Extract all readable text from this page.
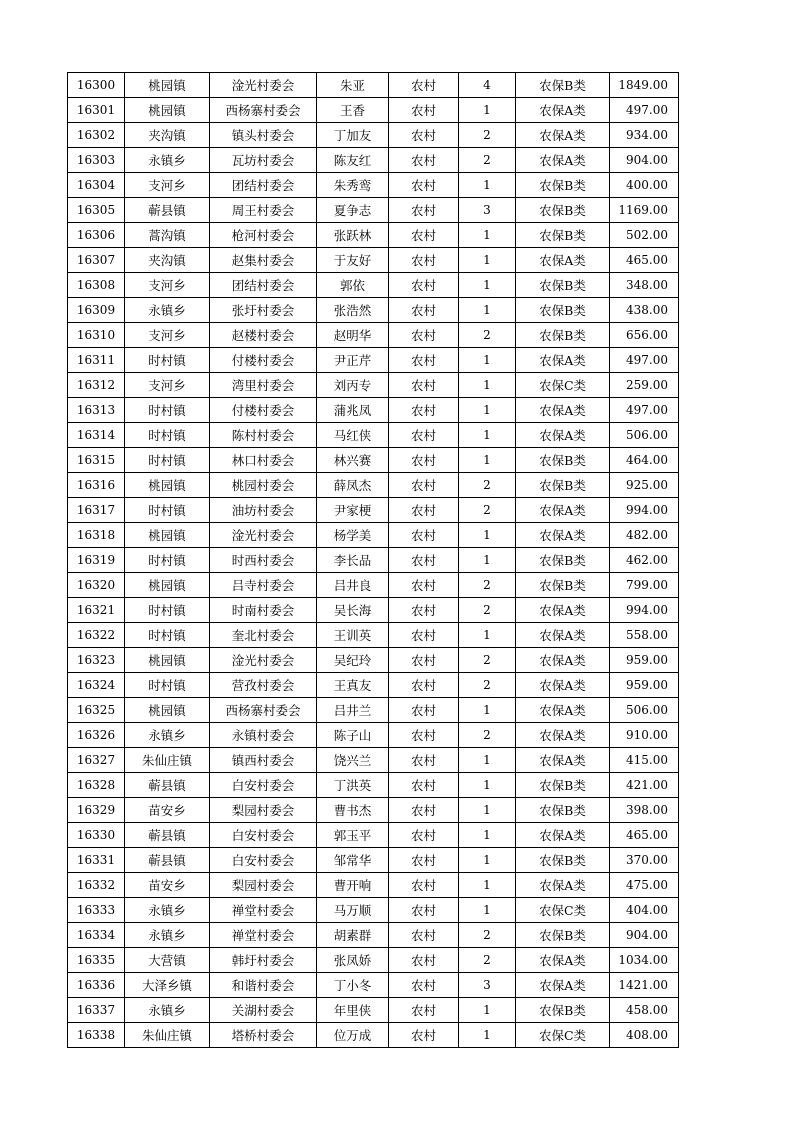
16300	桃园镇	淦光村委会	朱亚	农村	4	农保B类	1849.00
16301	桃园镇	西杨寨村委会	王香	农村	1	农保A类	497.00
16302	夹沟镇	镇头村委会	丁加友	农村	2	农保A类	934.00
16303	永镇乡	瓦坊村委会	陈友红	农村	2	农保A类	904.00
16304	支河乡	团结村委会	朱秀鸾	农村	1	农保B类	400.00
16305	蕲县镇	周王村委会	夏争志	农村	3	农保B类	1169.00
16306	蒿沟镇	枪河村委会	张跃林	农村	1	农保B类	502.00
16307	夹沟镇	赵集村委会	于友好	农村	1	农保A类	465.00
16308	支河乡	团结村委会	郭依	农村	1	农保B类	348.00
16309	永镇乡	张圩村委会	张浩然	农村	1	农保B类	438.00
16310	支河乡	赵楼村委会	赵明华	农村	2	农保B类	656.00
16311	时村镇	付楼村委会	尹正芹	农村	1	农保A类	497.00
16312	支河乡	湾里村委会	刘丙专	农村	1	农保C类	259.00
16313	时村镇	付楼村委会	蒲兆凤	农村	1	农保A类	497.00
16314	时村镇	陈村村委会	马红侠	农村	1	农保A类	506.00
16315	时村镇	林口村委会	林兴赛	农村	1	农保B类	464.00
16316	桃园镇	桃园村委会	薛凤杰	农村	2	农保B类	925.00
16317	时村镇	油坊村委会	尹家梗	农村	2	农保A类	994.00
16318	桃园镇	淦光村委会	杨学美	农村	1	农保A类	482.00
16319	时村镇	时西村委会	李长品	农村	1	农保B类	462.00
16320	桃园镇	吕寺村委会	吕井良	农村	2	农保B类	799.00
16321	时村镇	时南村委会	吴长海	农村	2	农保A类	994.00
16322	时村镇	奎北村委会	王训英	农村	1	农保A类	558.00
16323	桃园镇	淦光村委会	吴纪玲	农村	2	农保A类	959.00
16324	时村镇	营孜村委会	王真友	农村	2	农保A类	959.00
16325	桃园镇	西杨寨村委会	吕井兰	农村	1	农保A类	506.00
16326	永镇乡	永镇村委会	陈子山	农村	2	农保A类	910.00
16327	朱仙庄镇	镇西村委会	饶兴兰	农村	1	农保A类	415.00
16328	蕲县镇	白安村委会	丁洪英	农村	1	农保B类	421.00
16329	苗安乡	梨园村委会	曹书杰	农村	1	农保B类	398.00
16330	蕲县镇	白安村委会	郭玉平	农村	1	农保A类	465.00
16331	蕲县镇	白安村委会	邹常华	农村	1	农保B类	370.00
16332	苗安乡	梨园村委会	曹开响	农村	1	农保A类	475.00
16333	永镇乡	禅堂村委会	马万顺	农村	1	农保C类	404.00
16334	永镇乡	禅堂村委会	胡素群	农村	2	农保B类	904.00
16335	大营镇	韩圩村委会	张凤娇	农村	2	农保A类	1034.00
16336	大泽乡镇	和谐村委会	丁小冬	农村	3	农保A类	1421.00
16337	永镇乡	关湖村委会	年里侠	农村	1	农保B类	458.00
16338	朱仙庄镇	塔桥村委会	位万成	农村	1	农保C类	408.00
